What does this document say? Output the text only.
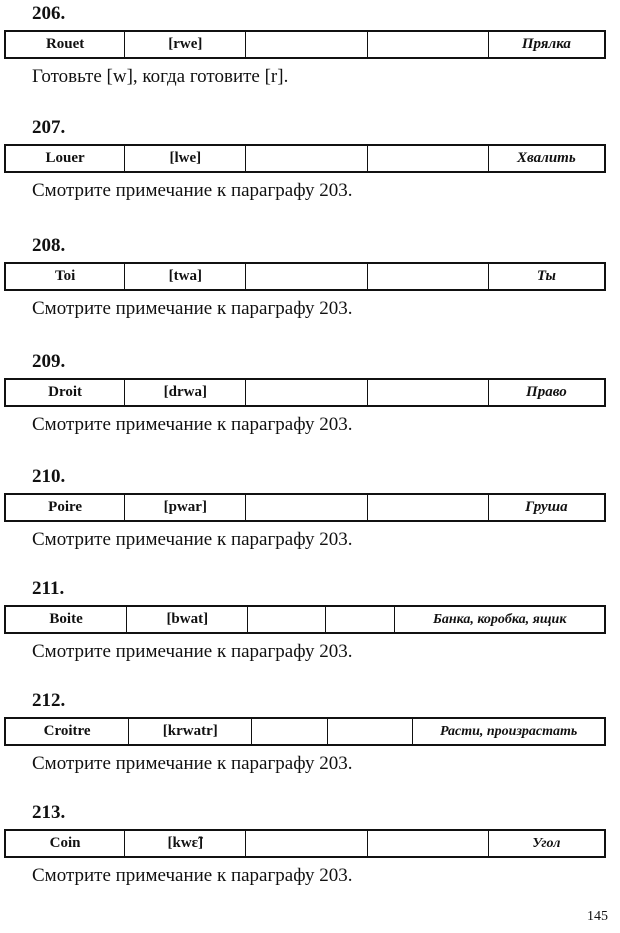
206.
Rouet	[rwe]	Прялка
Готовьте [w], когда готовите [r].
207.
Louer	[lwe]	Хвалить
Смотрите примечание к параграфу 203.
208.
Toi	[twa]	Ты
Смотрите примечание к параграфу 203.
209.
Droit	[drwa]	Право
Смотрите примечание к параграфу 203.
210.
Poire	[pwar]	Груша
Смотрите примечание к параграфу 203.
211.
Boite	[bwat]	Банка, коробка, ящик
Смотрите примечание к параграфу 203.
212.
Croitre	[krwatr]	Расти, произрастать
Смотрите примечание к параграфу 203.
213.
Coin	[kwɛ̃]	Угол
Смотрите примечание к параграфу 203.
145
